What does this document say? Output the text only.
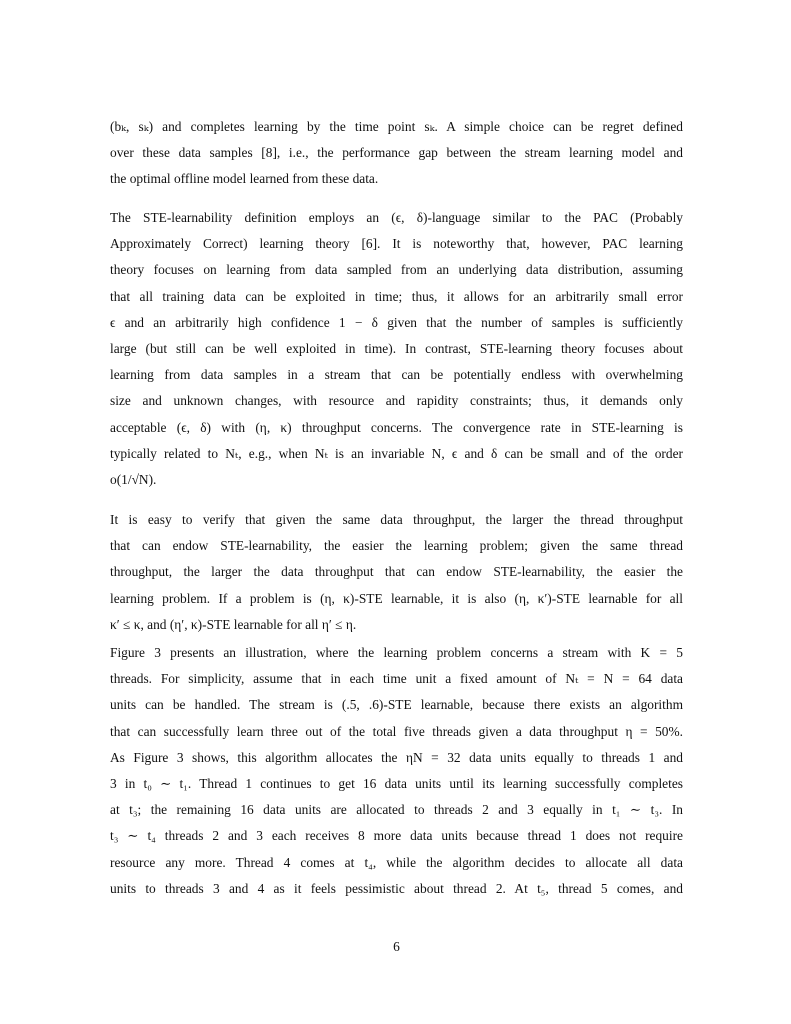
(bₖ, sₖ) and completes learning by the time point sₖ. A simple choice can be regret defined
over these data samples [8], i.e., the performance gap between the stream learning model and
the optimal offline model learned from these data.
The STE-learnability definition employs an (ϵ, δ)-language similar to the PAC (Probably
Approximately Correct) learning theory [6]. It is noteworthy that, however, PAC learning
theory focuses on learning from data sampled from an underlying data distribution, assuming
that all training data can be exploited in time; thus, it allows for an arbitrarily small error
ϵ and an arbitrarily high confidence 1 − δ given that the number of samples is sufficiently
large (but still can be well exploited in time). In contrast, STE-learning theory focuses about
learning from data samples in a stream that can be potentially endless with overwhelming
size and unknown changes, with resource and rapidity constraints; thus, it demands only
acceptable (ϵ, δ) with (η, κ) throughput concerns. The convergence rate in STE-learning is
typically related to Nₜ, e.g., when Nₜ is an invariable N, ϵ and δ can be small and of the order
o(1/√N).
It is easy to verify that given the same data throughput, the larger the thread throughput
that can endow STE-learnability, the easier the learning problem; given the same thread
throughput, the larger the data throughput that can endow STE-learnability, the easier the
learning problem. If a problem is (η, κ)-STE learnable, it is also (η, κ′)-STE learnable for all
κ′ ≤ κ, and (η′, κ)-STE learnable for all η′ ≤ η.
Figure 3 presents an illustration, where the learning problem concerns a stream with K = 5
threads. For simplicity, assume that in each time unit a fixed amount of Nₜ = N = 64 data
units can be handled. The stream is (.5, .6)-STE learnable, because there exists an algorithm
that can successfully learn three out of the total five threads given a data throughput η = 50%.
As Figure 3 shows, this algorithm allocates the ηN = 32 data units equally to threads 1 and
3 in t₀ ∼ t₁. Thread 1 continues to get 16 data units until its learning successfully completes
at t₃; the remaining 16 data units are allocated to threads 2 and 3 equally in t₁ ∼ t₃. In
t₃ ∼ t₄ threads 2 and 3 each receives 8 more data units because thread 1 does not require
resource any more. Thread 4 comes at t₄, while the algorithm decides to allocate all data
units to threads 3 and 4 as it feels pessimistic about thread 2. At t₅, thread 5 comes, and
6
